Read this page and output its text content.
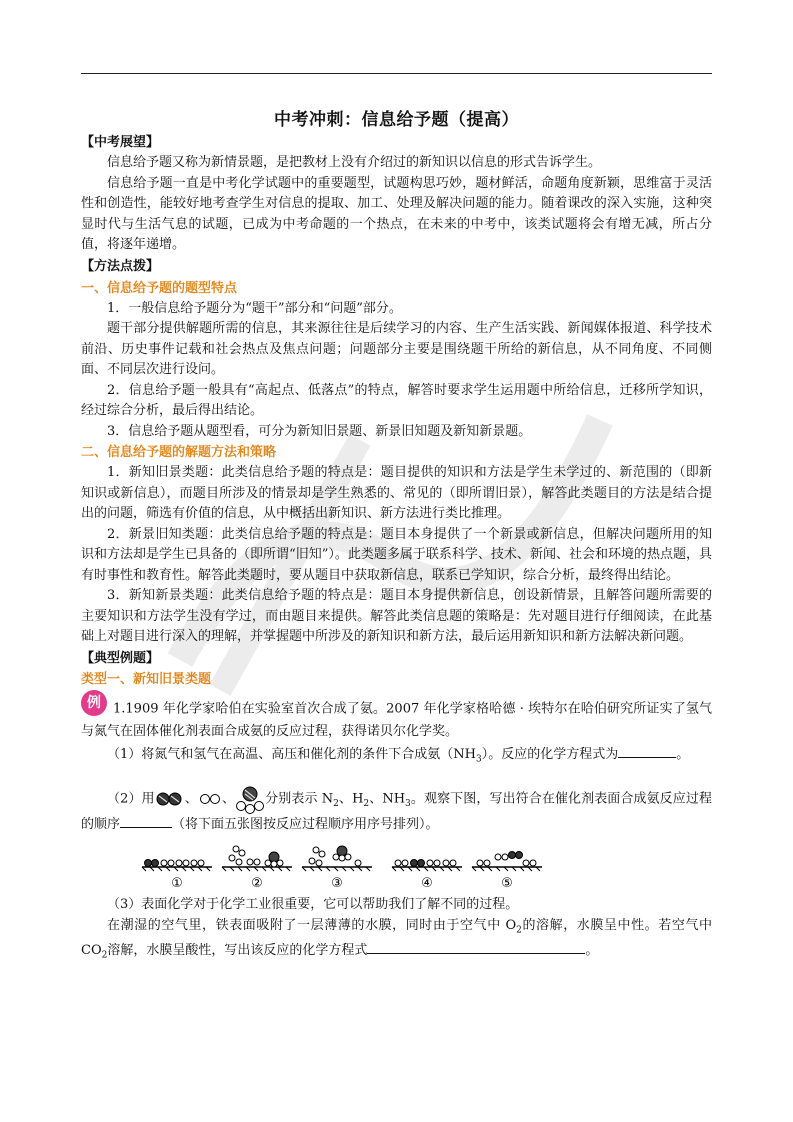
中考冲刺：信息给予题（提高）

【中考展望】

信息给予题又称为新情景题，是把教材上没有介绍过的新知识以信息的形式告诉学生。

信息给予题一直是中考化学试题中的重要题型，试题构思巧妙，题材鲜活，命题角度新颖，思维富于灵活性和创造性，能较好地考查学生对信息的提取、加工、处理及解决问题的能力。随着课改的深入实施，这种突显时代与生活气息的试题，已成为中考命题的一个热点，在未来的中考中，该类试题将会有增无减，所占分值，将逐年递增。

【方法点拨】

一、信息给予题的题型特点

1．一般信息给予题分为“题干”部分和“问题”部分。

题干部分提供解题所需的信息，其来源往往是后续学习的内容、生产生活实践、新闻媒体报道、科学技术前沿、历史事件记载和社会热点及焦点问题；问题部分主要是围绕题干所给的新信息，从不同角度、不同侧面、不同层次进行设问。

2．信息给予题一般具有“高起点、低落点”的特点，解答时要求学生运用题中所给信息，迁移所学知识，经过综合分析，最后得出结论。

3．信息给予题从题型看，可分为新知旧景题、新景旧知题及新知新景题。

二、信息给予题的解题方法和策略

1．新知旧景类题：此类信息给予题的特点是：题目提供的知识和方法是学生未学过的、新范围的（即新知识或新信息），而题目所涉及的情景却是学生熟悉的、常见的（即所谓旧景），解答此类题目的方法是结合提出的问题，筛选有价值的信息，从中概括出新知识、新方法进行类比推理。

2．新景旧知类题：此类信息给予题的特点是：题目本身提供了一个新景或新信息，但解决问题所用的知识和方法却是学生已具备的（即所谓“旧知”）。此类题多属于联系科学、技术、新闻、社会和环境的热点题，具有时事性和教育性。解答此类题时，要从题目中获取新信息，联系已学知识，综合分析，最终得出结论。

3．新知新景类题：此类信息给予题的特点是：题目本身提供新信息，创设新情景，且解答问题所需要的主要知识和方法学生没有学过，而由题目来提供。解答此类信息题的策略是：先对题目进行仔细阅读，在此基础上对题目进行深入的理解，并掌握题中所涉及的新知识和新方法，最后运用新知识和新方法解决新问题。

【典型例题】

类型一、新知旧景类题

例 1.1909 年化学家哈伯在实验室首次合成了氨。2007 年化学家格哈德 · 埃特尔在哈伯研究所证实了氢气与氮气在固体催化剂表面合成氨的反应过程，获得诺贝尔化学奖。

（1）将氮气和氢气在高温、高压和催化剂的条件下合成氨$(NH_3)$。反应的化学方程式为	。

（2）用 、 、 分别表示 $N_2$、$H_2$、$NH_3$。观察下图，写出符合在催化剂表面合成氨反应过程的顺序	（将下面五张图按反应过程顺序用序号排列）。

①	②	③	④	⑤

（3）表面化学对于化学工业很重要，它可以帮助我们了解不同的过程。

在潮湿的空气里，铁表面吸附了一层薄薄的水膜，同时由于空气中 $O_2$的溶解，水膜呈中性。若空气中 $CO_2$溶解，水膜呈酸性，写出该反应的化学方程式	。
